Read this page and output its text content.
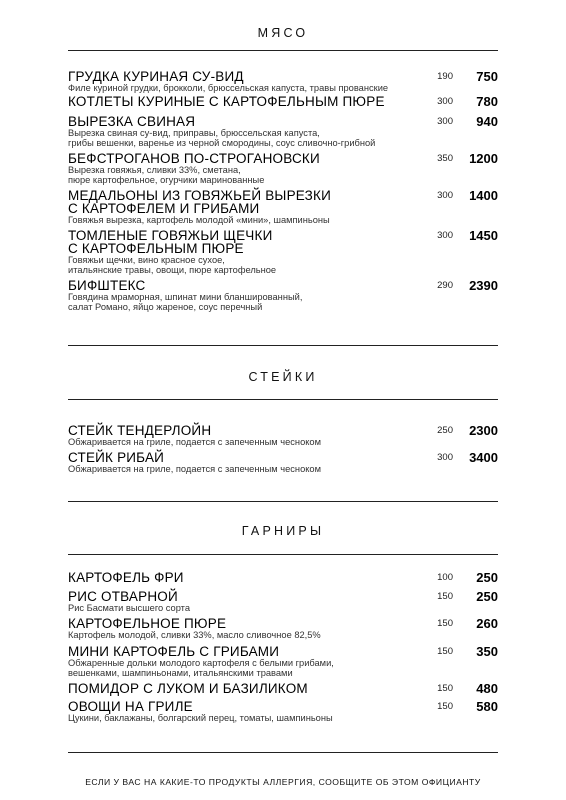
МЯСО
ГРУДКА КУРИНАЯ СУ-ВИД
Филе куриной грудки, брокколи, брюссельская капуста, травы прованские
190 750
КОТЛЕТЫ КУРИНЫЕ С КАРТОФЕЛЬНЫМ ПЮРЕ	300 780
ВЫРЕЗКА СВИНАЯ
Вырезка свиная су-вид, приправы, брюссельская капуста,
грибы вешенки, варенье из черной смородины, соус сливочно-грибной
300 940
БЕФСТРОГАНОВ ПО-СТРОГАНОВСКИ
Вырезка говяжья, сливки 33%, сметана,
пюре картофельное, огурчики маринованные
350 1200
МЕДАЛЬОНЫ ИЗ ГОВЯЖЬЕЙ ВЫРЕЗКИ
С КАРТОФЕЛЕМ И ГРИБАМИ
Говяжья вырезка, картофель молодой «мини», шампиньоны
300 1400
ТОМЛЕНЫЕ ГОВЯЖЬИ ЩЕЧКИ
С КАРТОФЕЛЬНЫМ ПЮРЕ
Говяжьи щечки, вино красное сухое,
итальянские травы, овощи, пюре картофельное
300 1450
БИФШТЕКС
Говядина мраморная, шпинат мини бланшированный,
салат Романо, яйцо жареное, соус перечный
290 2390
СТЕЙКИ
СТЕЙК ТЕНДЕРЛОЙН
Обжаривается на гриле, подается с запеченным чесноком
250 2300
СТЕЙК РИБАЙ
Обжаривается на гриле, подается с запеченным чесноком
300 3400
ГАРНИРЫ
КАРТОФЕЛЬ ФРИ	100 250
РИС ОТВАРНОЙ
Рис Басмати высшего сорта
150 250
КАРТОФЕЛЬНОЕ ПЮРЕ
Картофель молодой, сливки 33%, масло сливочное 82,5%
150 260
МИНИ КАРТОФЕЛЬ С ГРИБАМИ
Обжаренные дольки молодого картофеля с белыми грибами,
вешенками, шампиньонами, итальянскими травами
150 350
ПОМИДОР С ЛУКОМ И БАЗИЛИКОМ	150 480
ОВОЩИ НА ГРИЛЕ
Цукини, баклажаны, болгарский перец, томаты, шампиньоны
150 580
ЕСЛИ У ВАС НА КАКИЕ-ТО ПРОДУКТЫ АЛЛЕРГИЯ, СООБЩИТЕ ОБ ЭТОМ ОФИЦИАНТУ
